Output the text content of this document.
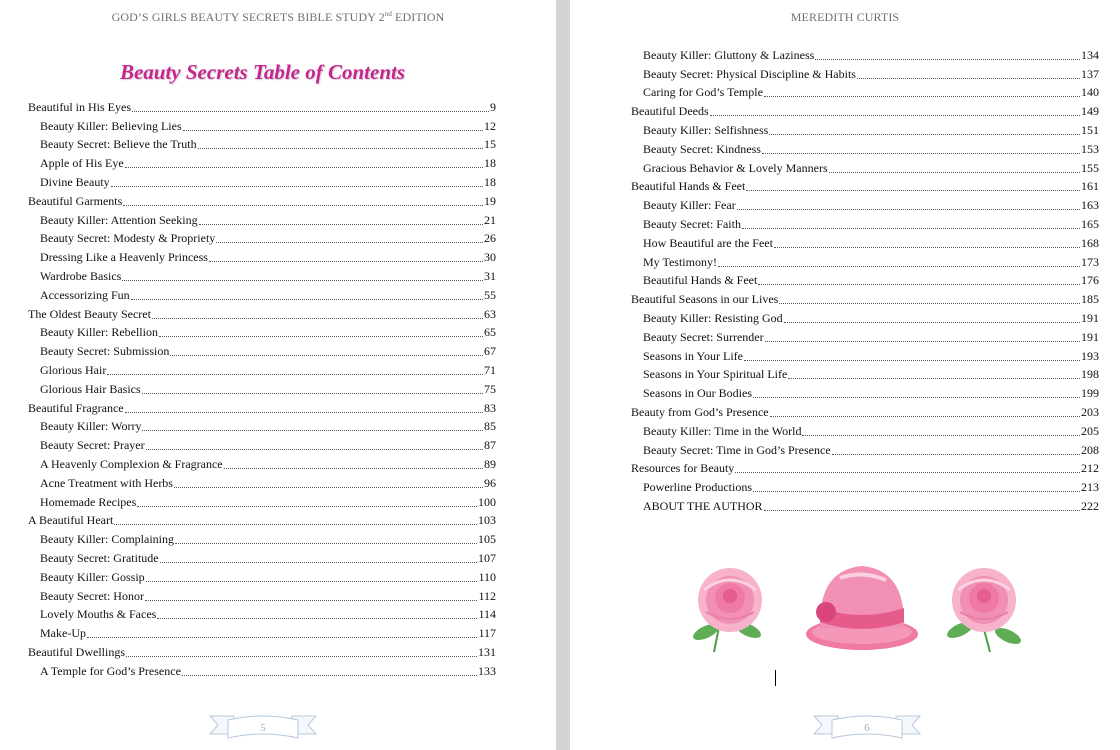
GOD’S GIRLS BEAUTY SECRETS BIBLE STUDY 2nd EDITION
Beauty Secrets Table of Contents
Beautiful in His Eyes	9
Beauty Killer: Believing Lies	12
Beauty Secret: Believe the Truth	15
Apple of His Eye	18
Divine Beauty	18
Beautiful Garments	19
Beauty Killer: Attention Seeking	21
Beauty Secret: Modesty & Propriety	26
Dressing Like a Heavenly Princess	30
Wardrobe Basics	31
Accessorizing Fun	55
The Oldest Beauty Secret	63
Beauty Killer: Rebellion	65
Beauty Secret: Submission	67
Glorious Hair	71
Glorious Hair Basics	75
Beautiful Fragrance	83
Beauty Killer: Worry	85
Beauty Secret: Prayer	87
A Heavenly Complexion & Fragrance	89
Acne Treatment with Herbs	96
Homemade Recipes	100
A Beautiful Heart	103
Beauty Killer: Complaining	105
Beauty Secret: Gratitude	107
Beauty Killer: Gossip	110
Beauty Secret: Honor	112
Lovely Mouths & Faces	114
Make-Up	117
Beautiful Dwellings	131
A Temple for God’s Presence	133
5
MEREDITH CURTIS
Beauty Killer: Gluttony & Laziness	134
Beauty Secret: Physical Discipline & Habits	137
Caring for God’s Temple	140
Beautiful Deeds	149
Beauty Killer: Selfishness	151
Beauty Secret: Kindness	153
Gracious Behavior & Lovely Manners	155
Beautiful Hands & Feet	161
Beauty Killer: Fear	163
Beauty Secret: Faith	165
How Beautiful are the Feet	168
My Testimony!	173
Beautiful Hands & Feet	176
Beautiful Seasons in our Lives	185
Beauty Killer: Resisting God	191
Beauty Secret: Surrender	191
Seasons in Your Life	193
Seasons in Your Spiritual Life	198
Seasons in Our Bodies	199
Beauty from God’s Presence	203
Beauty Killer: Time in the World	205
Beauty Secret: Time in God’s Presence	208
Resources for Beauty	212
Powerline Productions	213
ABOUT THE AUTHOR	222
6
